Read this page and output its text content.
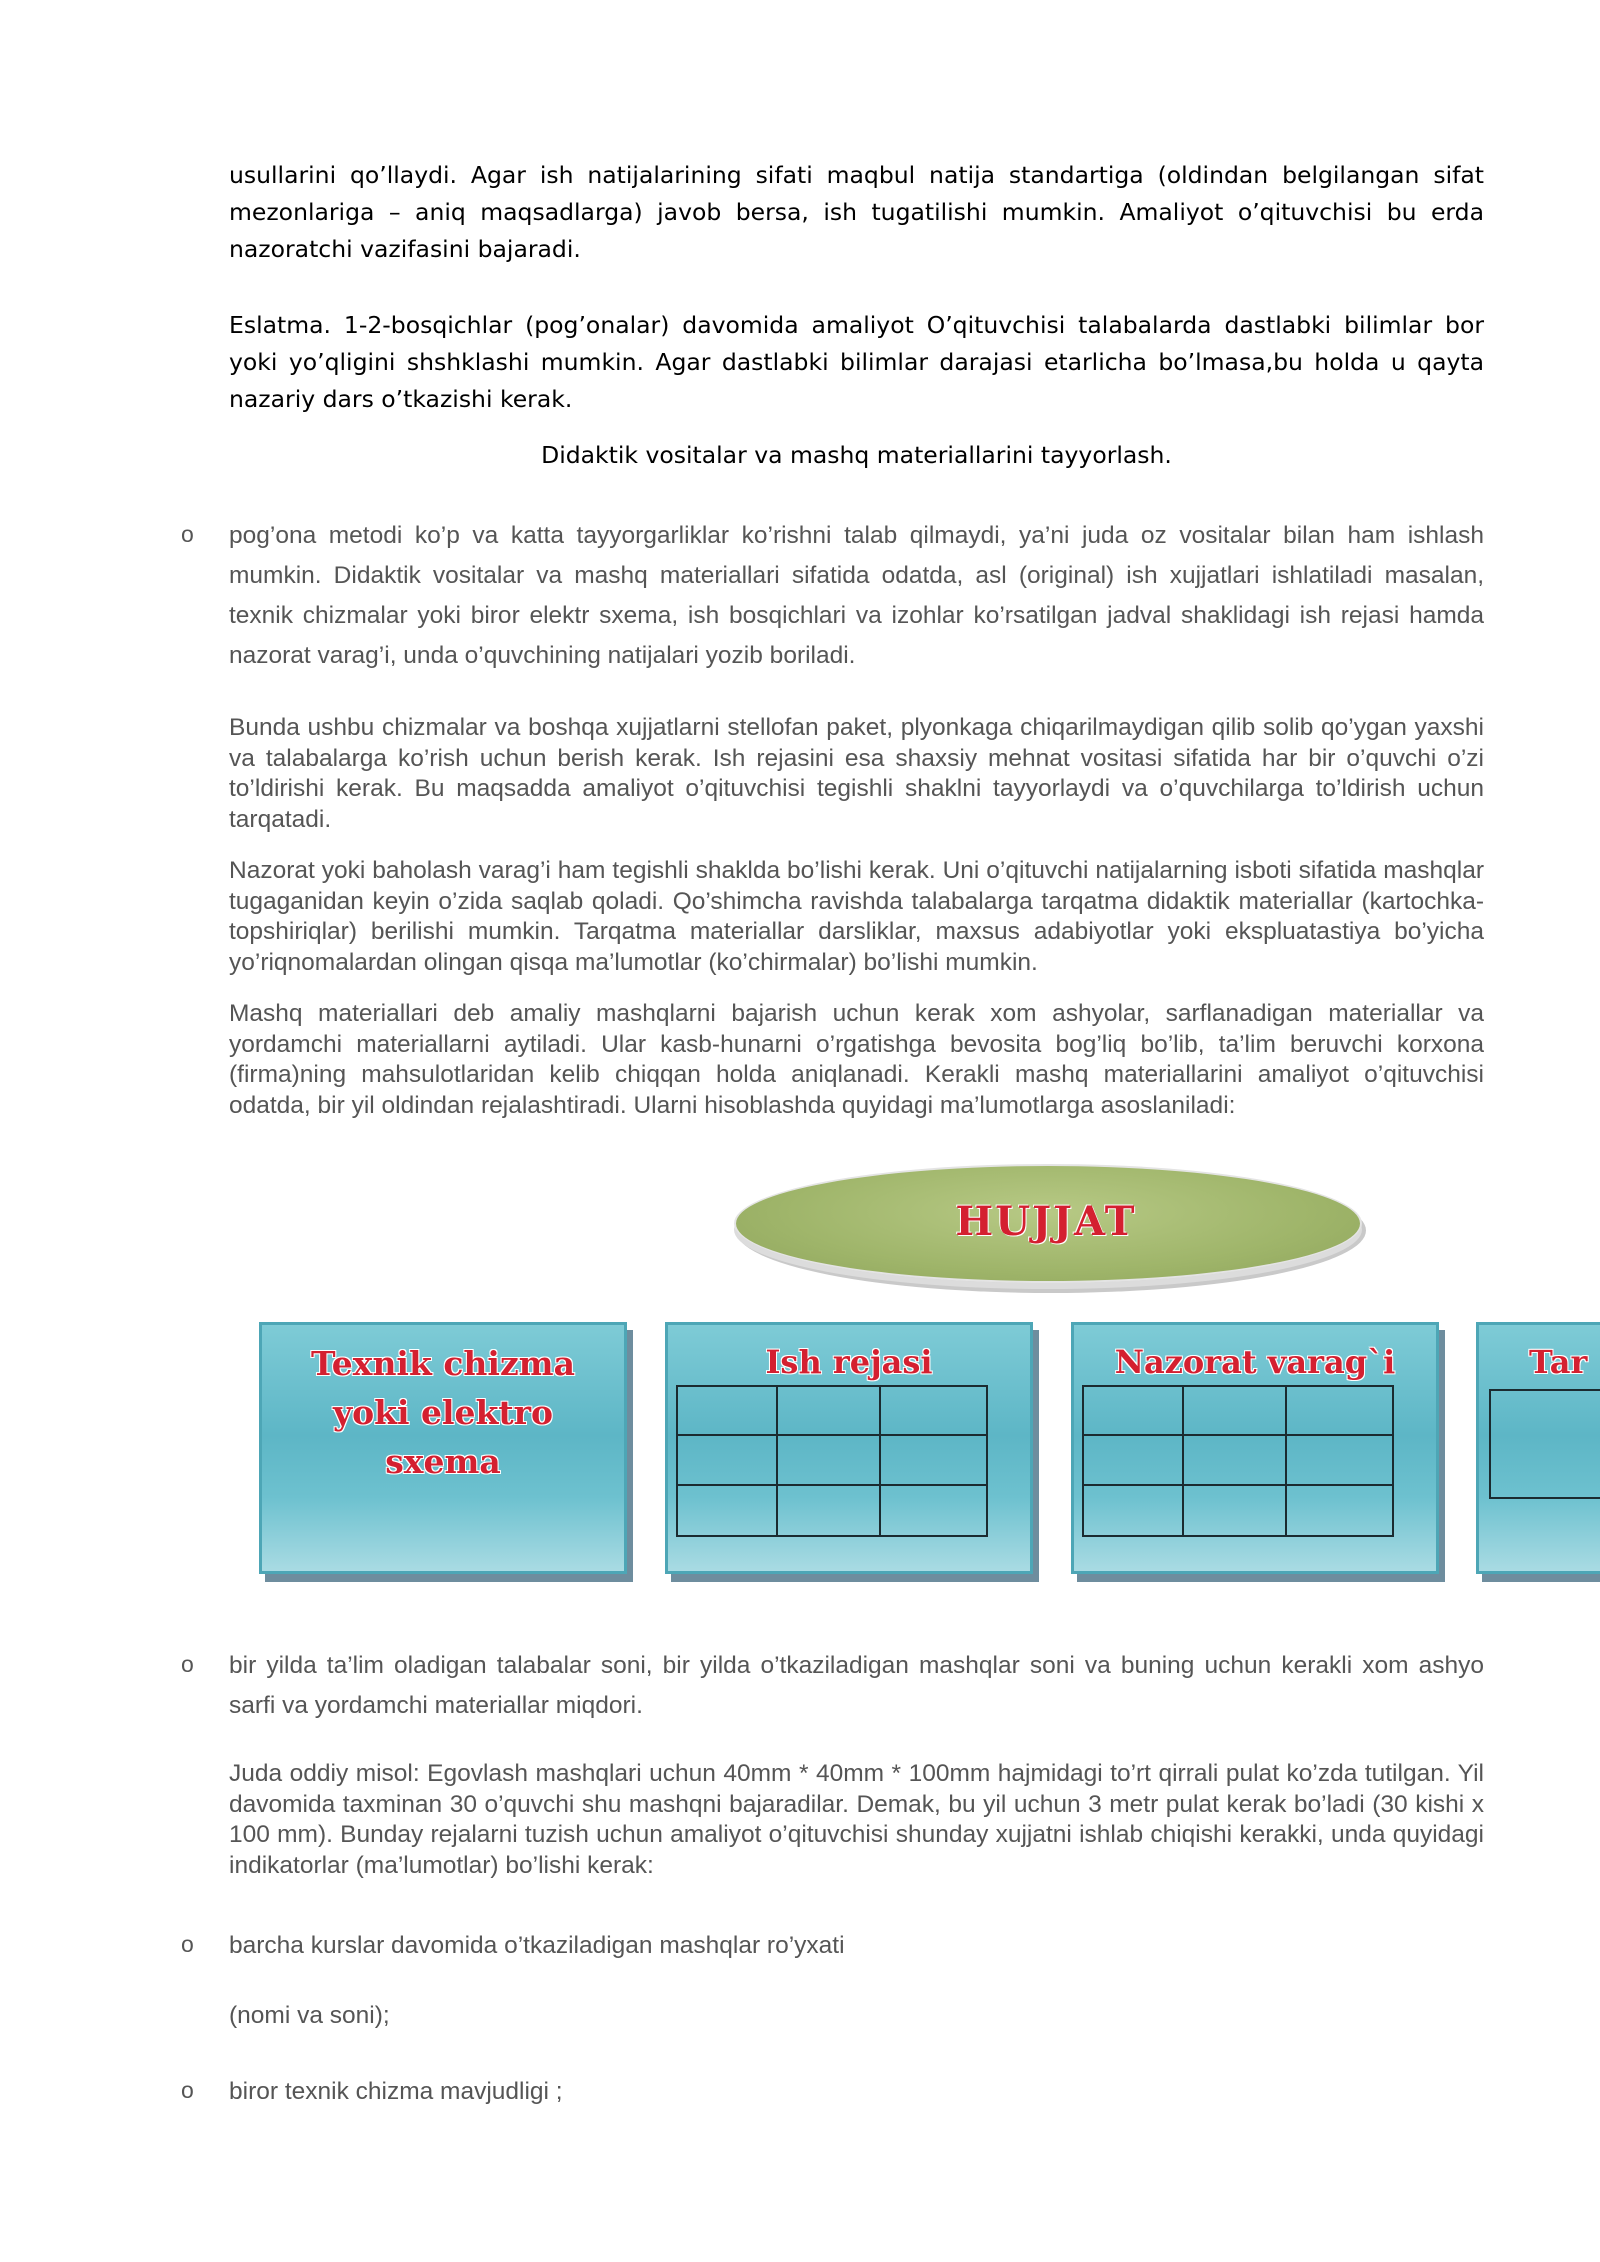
usullarini qo’llaydi. Agar ish natijalarining sifati maqbul natija standartiga (oldindan belgilangan sifat mezonlariga – aniq maqsadlarga) javob bersa, ish tugatilishi mumkin. Amaliyot o’qituvchisi bu erda nazoratchi vazifasini bajaradi.

Eslatma. 1-2-bosqichlar (pog’onalar) davomida amaliyot O’qituvchisi talabalarda dastlabki bilimlar bor yoki yo’qligini shshklashi mumkin. Agar dastlabki bilimlar darajasi etarlicha bo’lmasa,bu holda u qayta nazariy dars o’tkazishi kerak.

Didaktik vositalar va mashq materiallarini tayyorlash.

o pog’ona metodi ko’p va katta tayyorgarliklar ko’rishni talab qilmaydi, ya’ni juda oz vositalar bilan ham ishlash mumkin. Didaktik vositalar va mashq materiallari sifatida odatda, asl (original) ish xujjatlari ishlatiladi masalan, texnik chizmalar yoki biror elektr sxema, ish bosqichlari va izohlar ko’rsatilgan jadval shaklidagi ish rejasi hamda nazorat varag’i, unda o’quvchining natijalari yozib boriladi.

Bunda ushbu chizmalar va boshqa xujjatlarni stellofan paket, plyonkaga chiqarilmaydigan qilib solib qo’ygan yaxshi va talabalarga ko’rish uchun berish kerak. Ish rejasini esa shaxsiy mehnat vositasi sifatida har bir o’quvchi o’zi to’ldirishi kerak. Bu maqsadda amaliyot o’qituvchisi tegishli shaklni tayyorlaydi va o’quvchilarga to’ldirish uchun tarqatadi.

Nazorat yoki baholash varag’i ham tegishli shaklda bo’lishi kerak. Uni o’qituvchi natijalarning isboti sifatida mashqlar tugaganidan keyin o’zida saqlab qoladi. Qo’shimcha ravishda talabalarga tarqatma didaktik materiallar (kartochka-topshiriqlar) berilishi mumkin. Tarqatma materiallar darsliklar, maxsus adabiyotlar yoki ekspluatastiya bo’yicha yo’riqnomalardan olingan qisqa ma’lumotlar (ko’chirmalar) bo’lishi mumkin.

Mashq materiallari deb amaliy mashqlarni bajarish uchun kerak xom ashyolar, sarflanadigan materiallar va yordamchi materiallarni aytiladi. Ular kasb-hunarni o’rgatishga bevosita bog’liq bo’lib, ta’lim beruvchi korxona (firma)ning mahsulotlaridan kelib chiqqan holda aniqlanadi. Kerakli mashq materiallarini amaliyot o’qituvchisi odatda, bir yil oldindan rejalashtiradi. Ularni hisoblashda quyidagi ma’lumotlarga asoslaniladi:

HUJJAT
Texnik chizma yoki elektro sxema
Ish rejasi	Nazorat varag`i	Tar
o bir yilda ta’lim oladigan talabalar soni, bir yilda o’tkaziladigan mashqlar soni va buning uchun kerakli xom ashyo sarfi va yordamchi materiallar miqdori.

Juda oddiy misol: Egovlash mashqlari uchun 40mm * 40mm * 100mm hajmidagi to’rt qirrali pulat ko’zda tutilgan. Yil davomida taxminan 30 o’quvchi shu mashqni bajaradilar. Demak, bu yil uchun 3 metr pulat kerak bo’ladi (30 kishi x 100 mm). Bunday rejalarni tuzish uchun amaliyot o’qituvchisi shunday xujjatni ishlab chiqishi kerakki, unda quyidagi indikatorlar (ma’lumotlar) bo’lishi kerak:

o barcha kurslar davomida o’tkaziladigan mashqlar ro’yxati

(nomi va soni);

o biror texnik chizma mavjudligi ;
